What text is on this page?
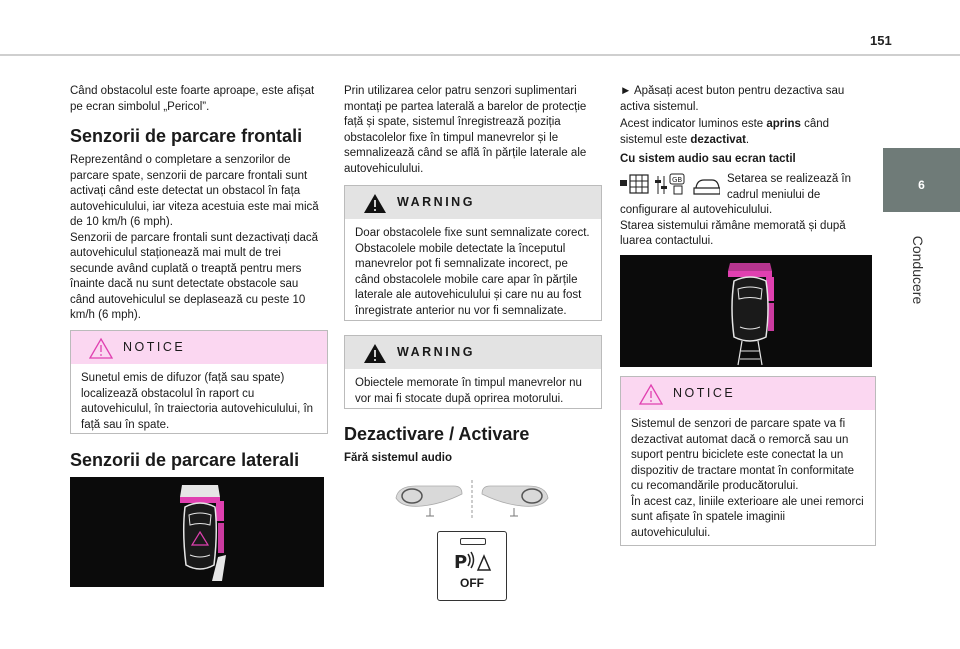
151
6
Conducere
Când obstacolul este foarte aproape, este afișat pe ecran simbolul „Pericol”.
Senzorii de parcare frontali
Reprezentând o completare a senzorilor de parcare spate, senzorii de parcare frontali sunt activați când este detectat un obstacol în fața autovehiculului, iar viteza acestuia este mai mică de 10 km/h (6 mph).
Senzorii de parcare frontali sunt dezactivați dacă autovehiculul staționează mai mult de trei secunde având cuplată o treaptă pentru mers înainte dacă nu sunt detectate obstacole sau când autovehiculul se deplasează cu peste 10 km/h (6 mph).
NOTICE
Sunetul emis de difuzor (față sau spate) localizează obstacolul în raport cu autovehiculul, în traiectoria autovehiculului, în față sau în spate.
Senzorii de parcare laterali
Prin utilizarea celor patru senzori suplimentari montați pe partea laterală a barelor de protecție față și spate, sistemul înregistrează poziția obstacolelor fixe în timpul manevrelor și le semnalizează când se află în părțile laterale ale autovehiculului.
WARNING
Doar obstacolele fixe sunt semnalizate corect. Obstacolele mobile detectate la începutul manevrelor pot fi semnalizate incorect, pe când obstacolele mobile care apar în părțile laterale ale autovehiculului și care nu au fost înregistrate anterior nu vor fi semnalizate.
WARNING
Obiectele memorate în timpul manevrelor nu vor mai fi stocate după oprirea motorului.
Dezactivare / Activare
Fără sistemul audio
P
OFF
► Apăsați acest buton pentru dezactiva sau activa sistemul.
Acest indicator luminos este aprins când sistemul este dezactivat.
Cu sistem audio sau ecran tactil
GB	Setarea se realizează în cadrul meniului de
configurare al autovehiculului.
Starea sistemului rămâne memorată și după luarea contactului.
NOTICE
Sistemul de senzori de parcare spate va fi dezactivat automat dacă o remorcă sau un suport pentru biciclete este conectat la un dispozitiv de tractare montat în conformitate cu recomandările producătorului.
În acest caz, liniile exterioare ale unei remorci sunt afișate în spatele imaginii autovehiculului.
